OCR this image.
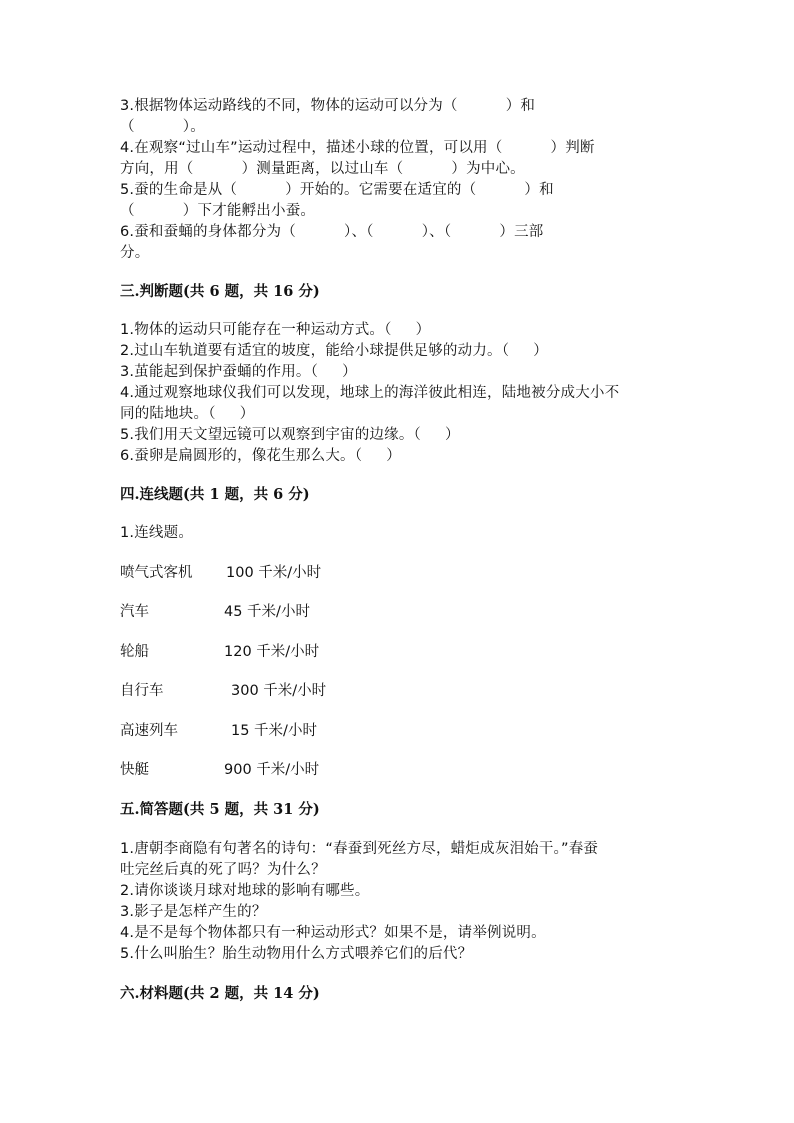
3.根据物体运动路线的不同，物体的运动可以分为（          ）和
（          ）。
4.在观察“过山车”运动过程中，描述小球的位置，可以用（          ）判断
方向，用（          ）测量距离，以过山车（          ）为中心。
5.蚕的生命是从（          ）开始的。它需要在适宜的（          ）和
（          ）下才能孵出小蚕。
6.蚕和蚕蛹的身体都分为（          ）、（          ）、（          ）三部
分。
三.判断题(共 6 题，共 16 分)
1.物体的运动只可能存在一种运动方式。（     ）
2.过山车轨道要有适宜的坡度，能给小球提供足够的动力。（     ）
3.茧能起到保护蚕蛹的作用。（     ）
4.通过观察地球仪我们可以发现，地球上的海洋彼此相连，陆地被分成大小不
同的陆地块。（     ）
5.我们用天文望远镜可以观察到宇宙的边缘。（     ）
6.蚕卵是扁圆形的，像花生那么大。（     ）
四.连线题(共 1 题，共 6 分)
1.连线题。
喷气式客机 100 千米/小时
汽车	45 千米/小时
轮船	120 千米/小时
自行车	300 千米/小时
高速列车	15 千米/小时
快艇	900 千米/小时
五.简答题(共 5 题，共 31 分)
1.唐朝李商隐有句著名的诗句：“春蚕到死丝方尽，蜡炬成灰泪始干。”春蚕
吐完丝后真的死了吗？为什么？
2.请你谈谈月球对地球的影响有哪些。
3.影子是怎样产生的？
4.是不是每个物体都只有一种运动形式？如果不是，请举例说明。
5.什么叫胎生？胎生动物用什么方式喂养它们的后代？
六.材料题(共 2 题，共 14 分)
